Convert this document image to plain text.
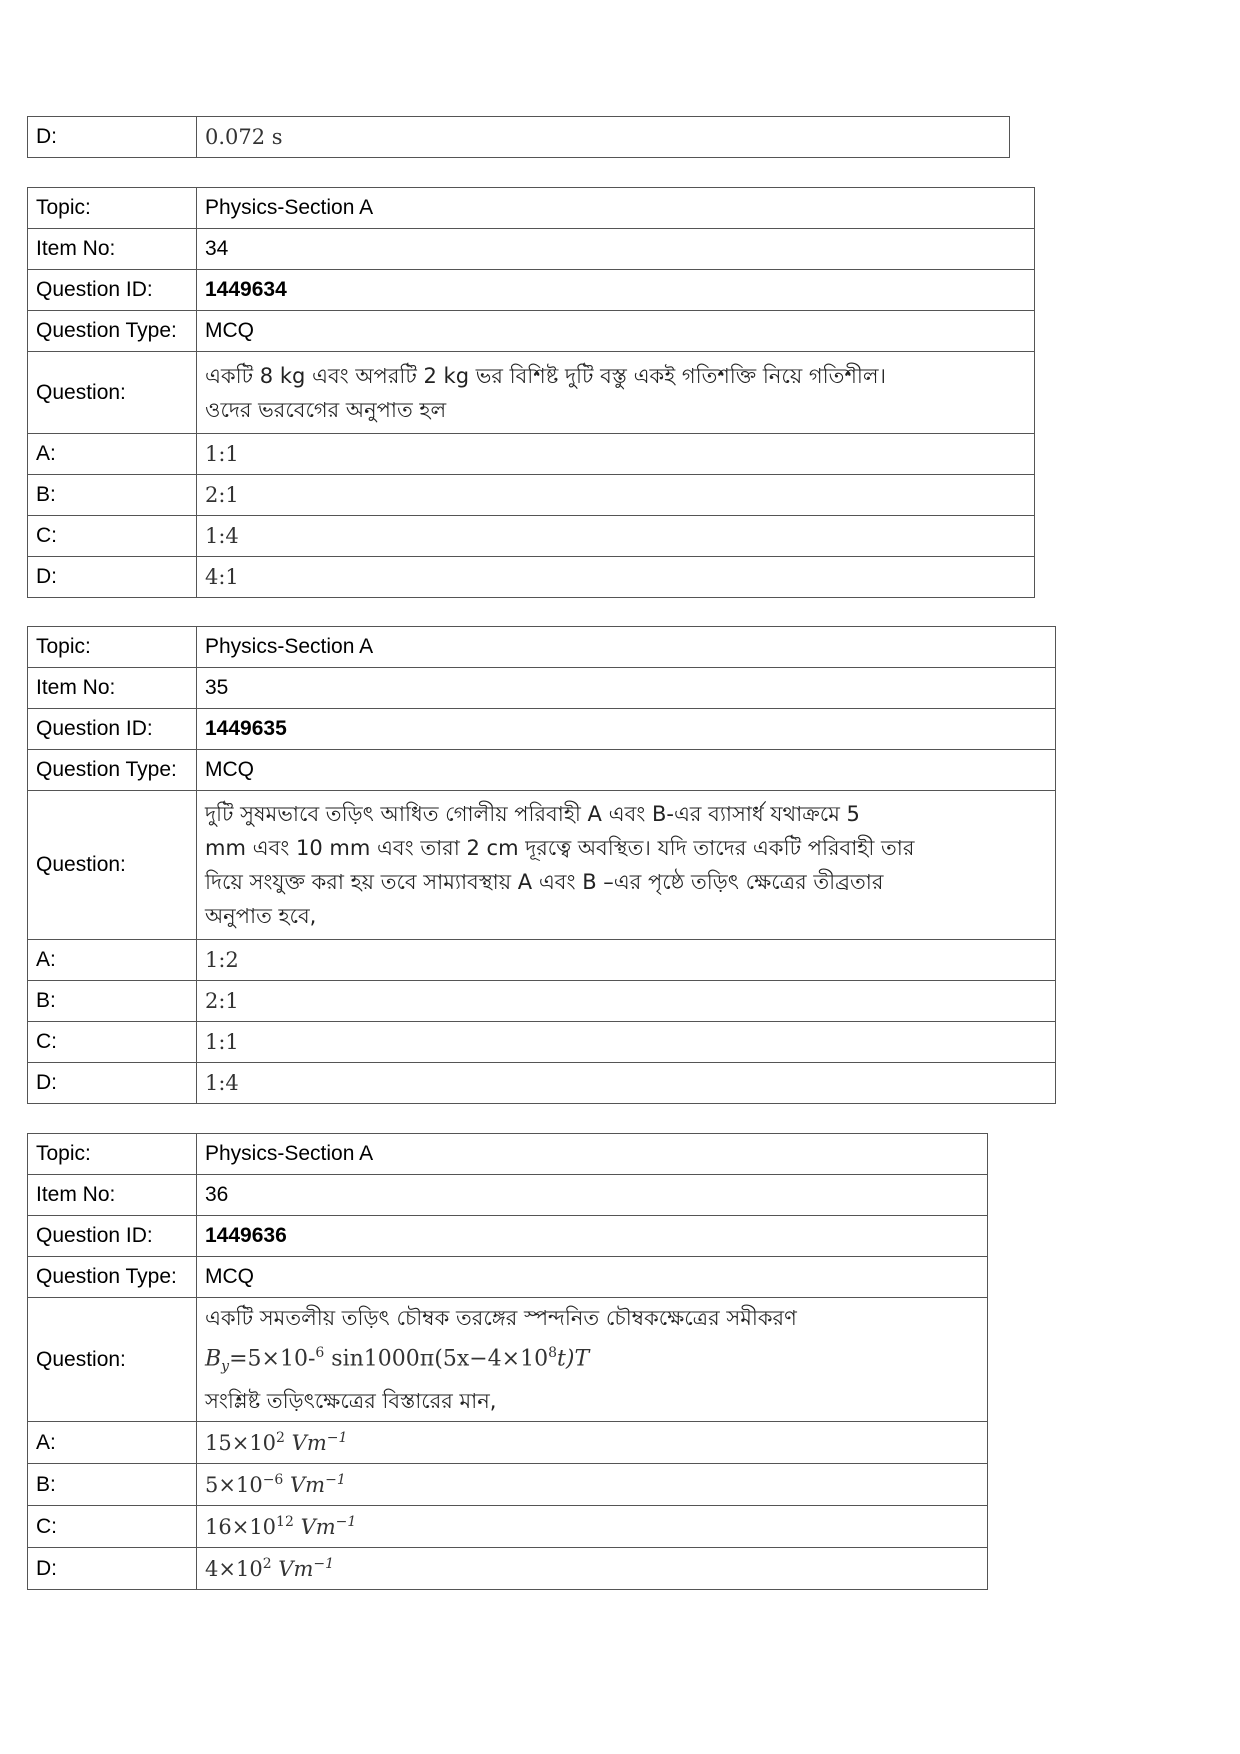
D:	0.072 s
Topic:	Physics-Section A
Item No:	34
Question ID:	1449634
Question Type:	MCQ
Question:	একটি 8 kg এবং অপরটি 2 kg ভর বিশিষ্ট দুটি বস্তু একই গতিশক্তি নিয়ে গতিশীল।
ওদের ভরবেগের অনুপাত হল

A:	1:1
B:	2:1
C:	1:4
D:	4:1
Topic:	Physics-Section A
Item No:	35
Question ID:	1449635
Question Type:	MCQ
Question:	দুটি সুষমভাবে তড়িৎ আধিত গোলীয় পরিবাহী A এবং B-এর ব্যাসার্ধ যথাক্রমে 5
mm এবং 10 mm এবং তারা 2 cm দূরত্বে অবস্থিত। যদি তাদের একটি পরিবাহী তার
দিয়ে সংযুক্ত করা হয় তবে সাম্যাবস্থায় A এবং B –এর পৃষ্ঠে তড়িৎ ক্ষেত্রের তীব্রতার
অনুপাত হবে,

A:	1:2
B:	2:1
C:	1:1
D:	1:4
Topic:	Physics-Section A
Item No:	36
Question ID:	1449636
Question Type:	MCQ
Question:	একটি সমতলীয় তড়িৎ চৌম্বক তরঙ্গের স্পন্দনিত চৌম্বকক্ষেত্রের সমীকরণ
$B_y=5\times 10-^6$ $\sin 1000\pi(5x-4\times 10^8t)T$
সংশ্লিষ্ট তড়িৎক্ষেত্রের বিস্তারের মান,

A:	$15\times 10^2$ $Vm^{-1}$
B:	$5\times 10^{-6}$ $Vm^{-1}$
C:	$16\times 10^{12}$ $Vm^{-1}$
D:	$4\times 10^2$ $Vm^{-1}$
